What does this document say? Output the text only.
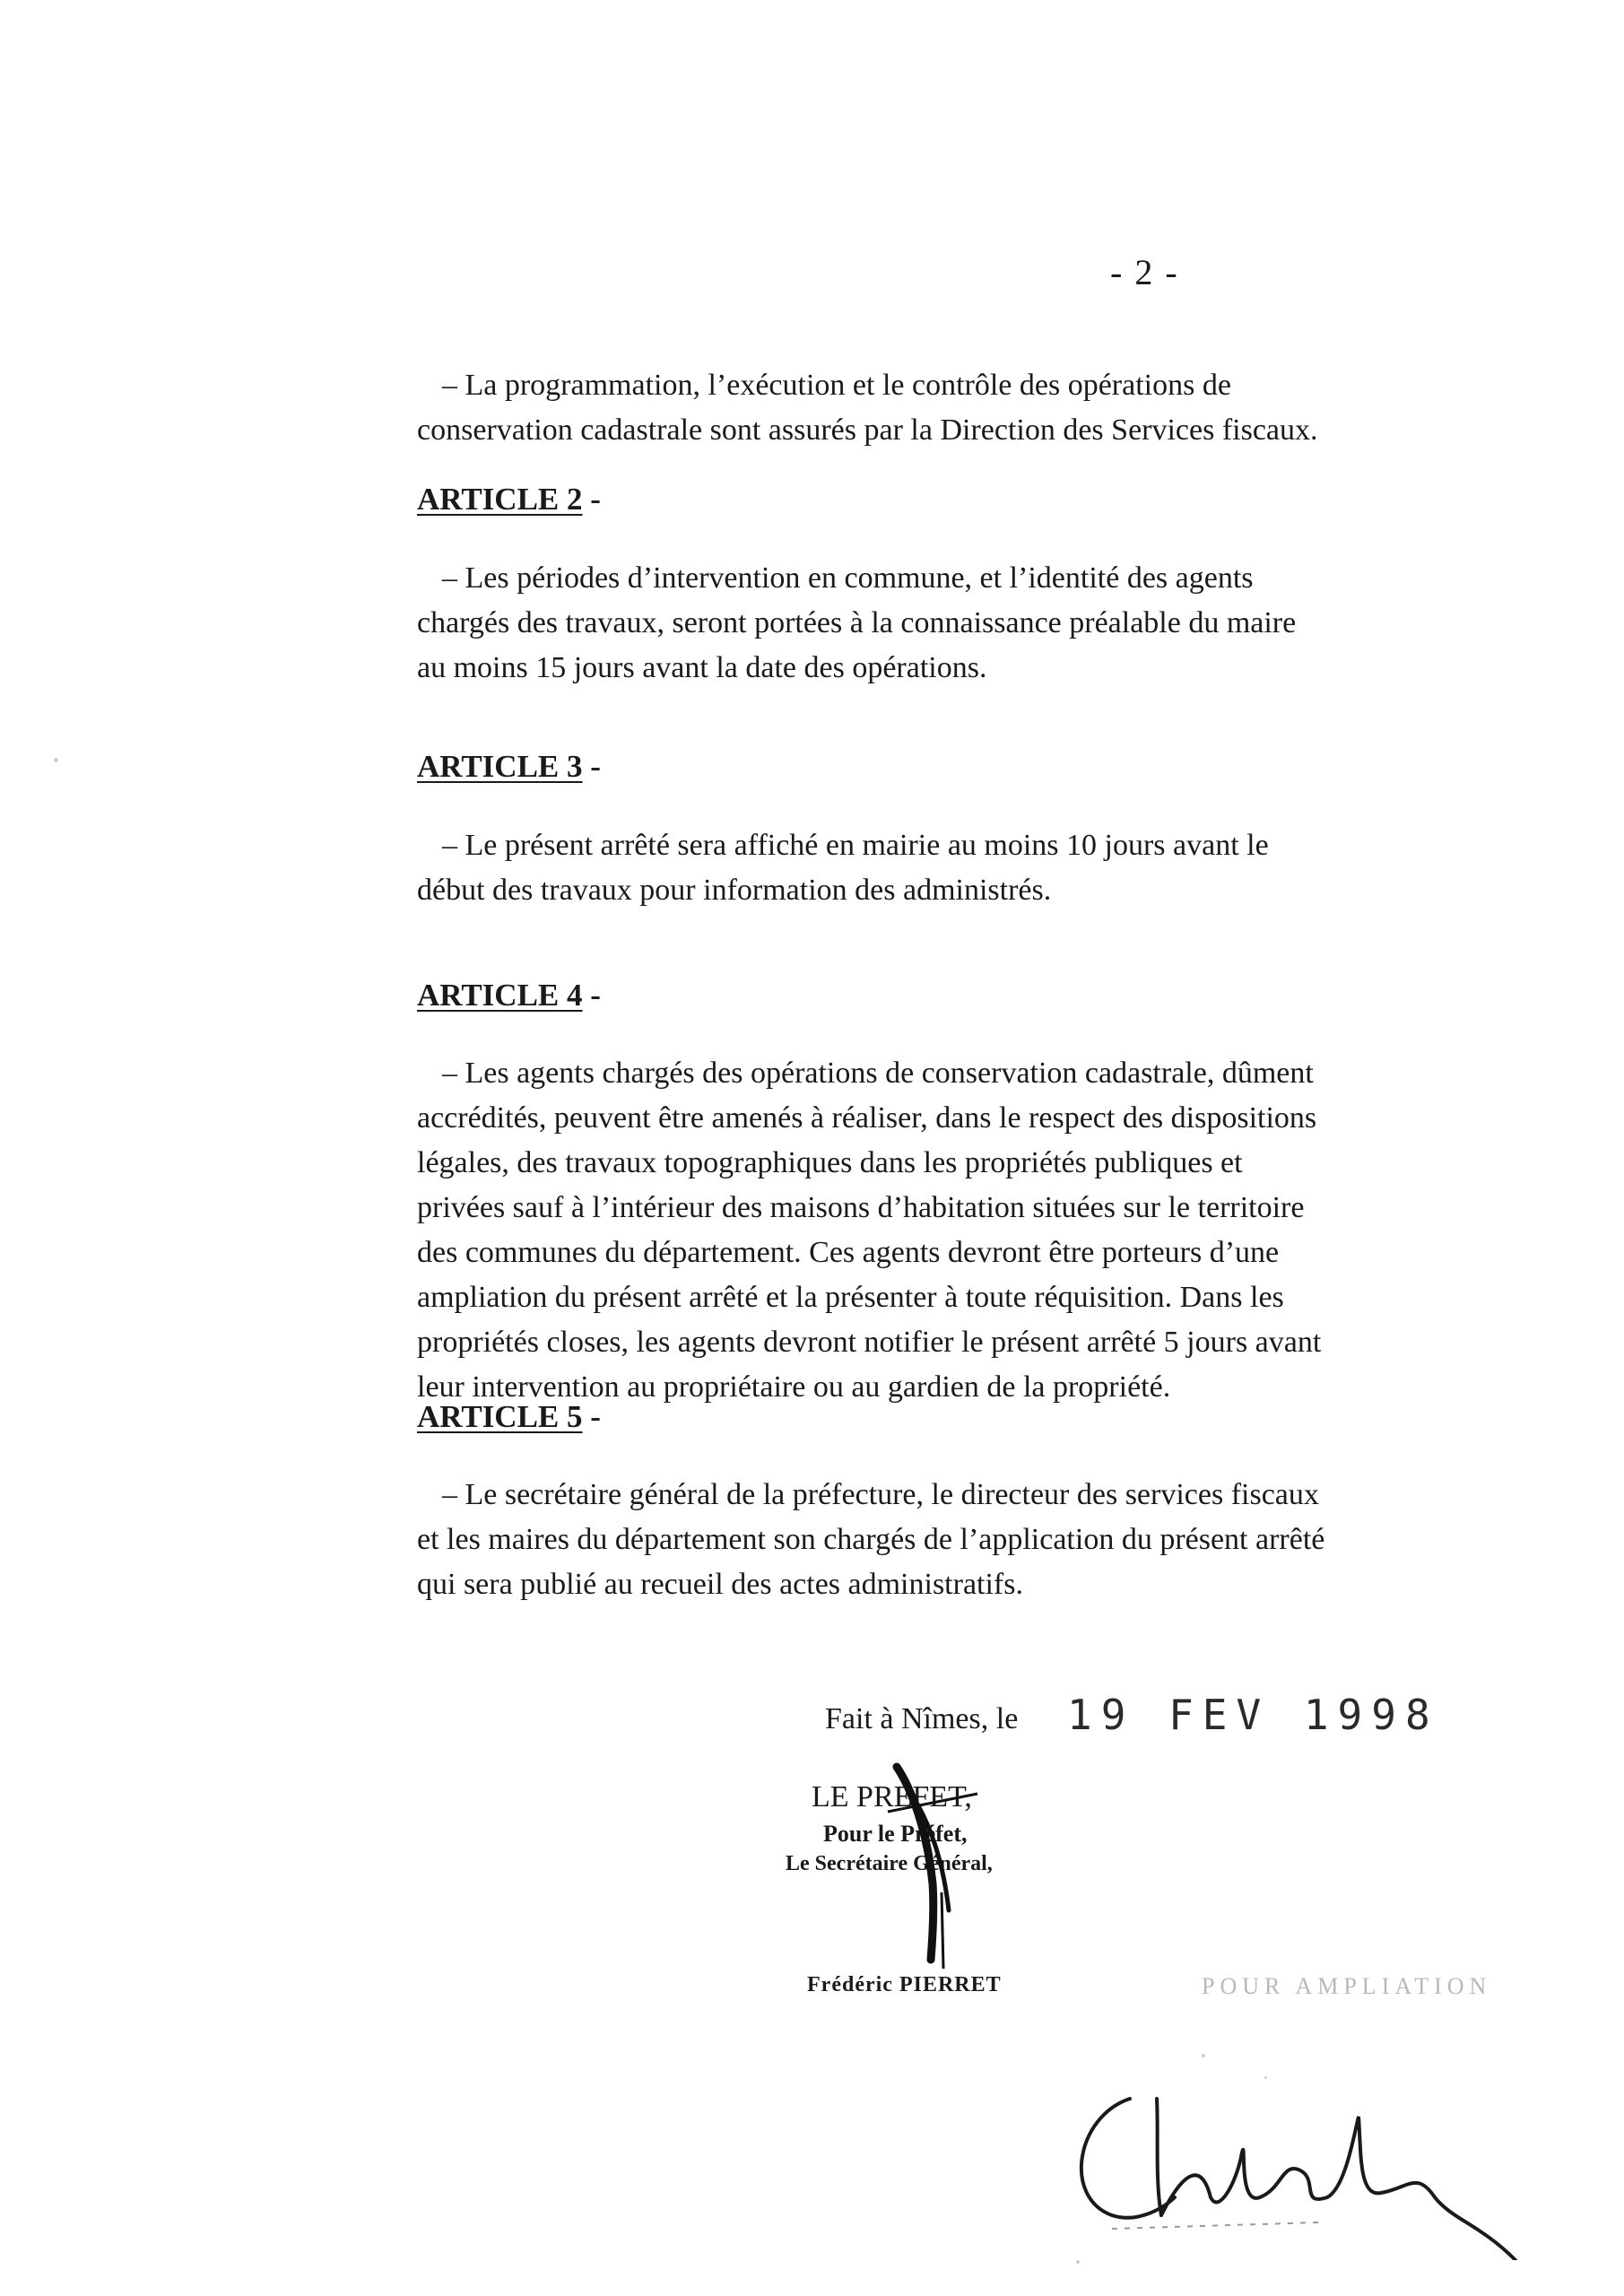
- 2 -

– La programmation, l’exécution et le contrôle des opérations de
conservation cadastrale sont assurés par la Direction des Services fiscaux.

ARTICLE 2 -

– Les périodes d’intervention en commune, et l’identité des agents
chargés des travaux, seront portées à la connaissance préalable du maire
au moins 15 jours avant la date des opérations.

ARTICLE 3 -

– Le présent arrêté sera affiché en mairie au moins 10 jours avant le
début des travaux pour information des administrés.

ARTICLE 4 -

– Les agents chargés des opérations de conservation cadastrale, dûment
accrédités, peuvent être amenés à réaliser, dans le respect des dispositions
légales, des travaux topographiques dans les propriétés publiques et
privées sauf à l’intérieur des maisons d’habitation situées sur le territoire
des communes du département. Ces agents devront être porteurs d’une
ampliation du présent arrêté et la présenter à toute réquisition. Dans les
propriétés closes, les agents devront notifier le présent arrêté 5 jours avant
leur intervention au propriétaire ou au gardien de la propriété.

ARTICLE 5 -

– Le secrétaire général de la préfecture, le directeur des services fiscaux
et les maires du département son chargés de l’application du présent arrêté
qui sera publié au recueil des actes administratifs.

Fait à Nîmes, le 19 FEV 1998
LE PREFET,
Pour le Préfet,
Le Secrétaire Général,
Frédéric PIERRET	POUR AMPLIATION
